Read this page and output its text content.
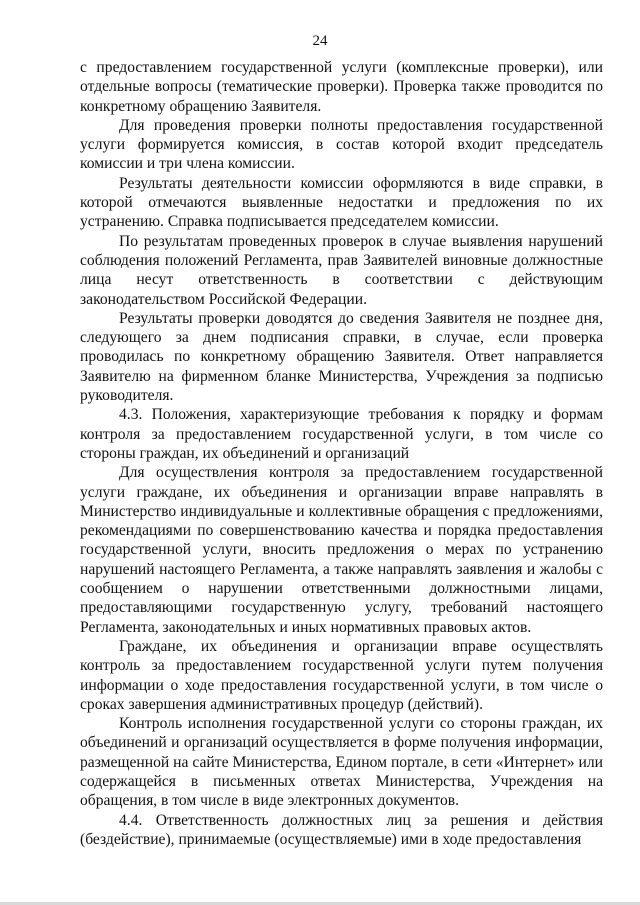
24

с предоставлением государственной услуги (комплексные проверки), или отдельные вопросы (тематические проверки). Проверка также проводится по конкретному обращению Заявителя.

Для проведения проверки полноты предоставления государственной услуги формируется комиссия, в состав которой входит председатель комиссии и три члена комиссии.

Результаты деятельности комиссии оформляются в виде справки, в которой отмечаются выявленные недостатки и предложения по их устранению. Справка подписывается председателем комиссии.

По результатам проведенных проверок в случае выявления нарушений соблюдения положений Регламента, прав Заявителей виновные должностные лица несут ответственность в соответствии с действующим законодательством Российской Федерации.

Результаты проверки доводятся до сведения Заявителя не позднее дня, следующего за днем подписания справки, в случае, если проверка проводилась по конкретному обращению Заявителя. Ответ направляется Заявителю на фирменном бланке Министерства, Учреждения за подписью руководителя.

4.3. Положения, характеризующие требования к порядку и формам контроля за предоставлением государственной услуги, в том числе со стороны граждан, их объединений и организаций

Для осуществления контроля за предоставлением государственной услуги граждане, их объединения и организации вправе направлять в Министерство индивидуальные и коллективные обращения с предложениями, рекомендациями по совершенствованию качества и порядка предоставления государственной услуги, вносить предложения о мерах по устранению нарушений настоящего Регламента, а также направлять заявления и жалобы с сообщением о нарушении ответственными должностными лицами, предоставляющими государственную услугу, требований настоящего Регламента, законодательных и иных нормативных правовых актов.

Граждане, их объединения и организации вправе осуществлять контроль за предоставлением государственной услуги путем получения информации о ходе предоставления государственной услуги, в том числе о сроках завершения административных процедур (действий).

Контроль исполнения государственной услуги со стороны граждан, их объединений и организаций осуществляется в форме получения информации, размещенной на сайте Министерства, Едином портале, в сети «Интернет» или содержащейся в письменных ответах Министерства, Учреждения на обращения, в том числе в виде электронных документов.

4.4. Ответственность должностных лиц за решения и действия (бездействие), принимаемые (осуществляемые) ими в ходе предоставления
